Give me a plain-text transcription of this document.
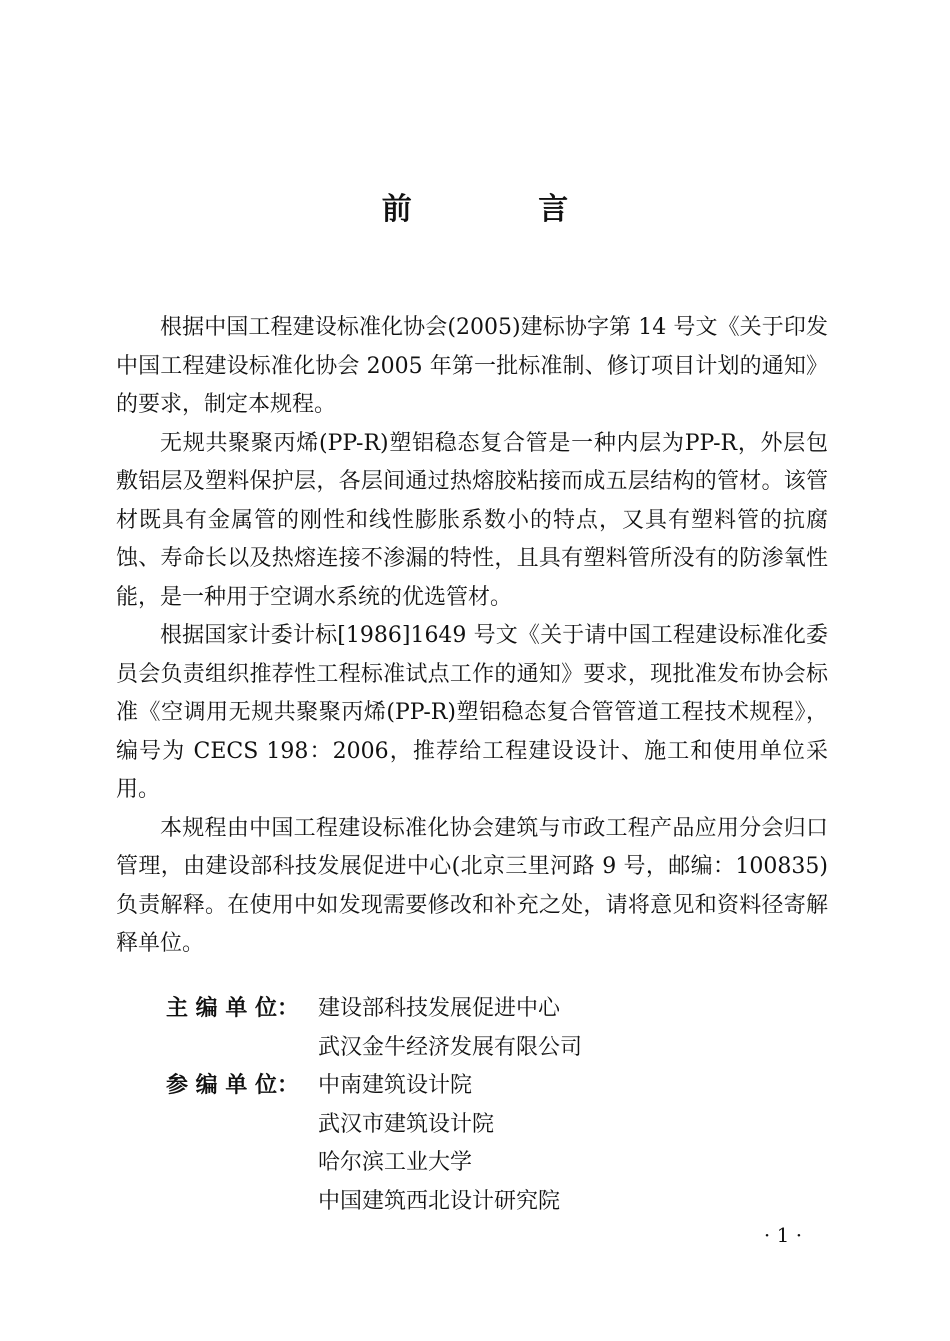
前 言

根据中国工程建设标准化协会(2005)建标协字第 14 号文《关于印发中国工程建设标准化协会 2005 年第一批标准制、修订项目计划的通知》的要求，制定本规程。

无规共聚聚丙烯(PP-R)塑铝稳态复合管是一种内层为PP-R，外层包敷铝层及塑料保护层，各层间通过热熔胶粘接而成五层结构的管材。该管材既具有金属管的刚性和线性膨胀系数小的特点，又具有塑料管的抗腐蚀、寿命长以及热熔连接不渗漏的特性，且具有塑料管所没有的防渗氧性能，是一种用于空调水系统的优选管材。

根据国家计委计标[1986]1649 号文《关于请中国工程建设标准化委员会负责组织推荐性工程标准试点工作的通知》要求，现批准发布协会标准《空调用无规共聚聚丙烯(PP-R)塑铝稳态复合管管道工程技术规程》，编号为 CECS 198：2006，推荐给工程建设设计、施工和使用单位采用。

本规程由中国工程建设标准化协会建筑与市政工程产品应用分会归口管理，由建设部科技发展促进中心(北京三里河路 9 号，邮编：100835)负责解释。在使用中如发现需要修改和补充之处，请将意见和资料径寄解释单位。

主 编 单 位： 建设部科技发展促进中心
武汉金牛经济发展有限公司
参 编 单 位： 中南建筑设计院
武汉市建筑设计院
哈尔滨工业大学
中国建筑西北设计研究院
· 1 ·
